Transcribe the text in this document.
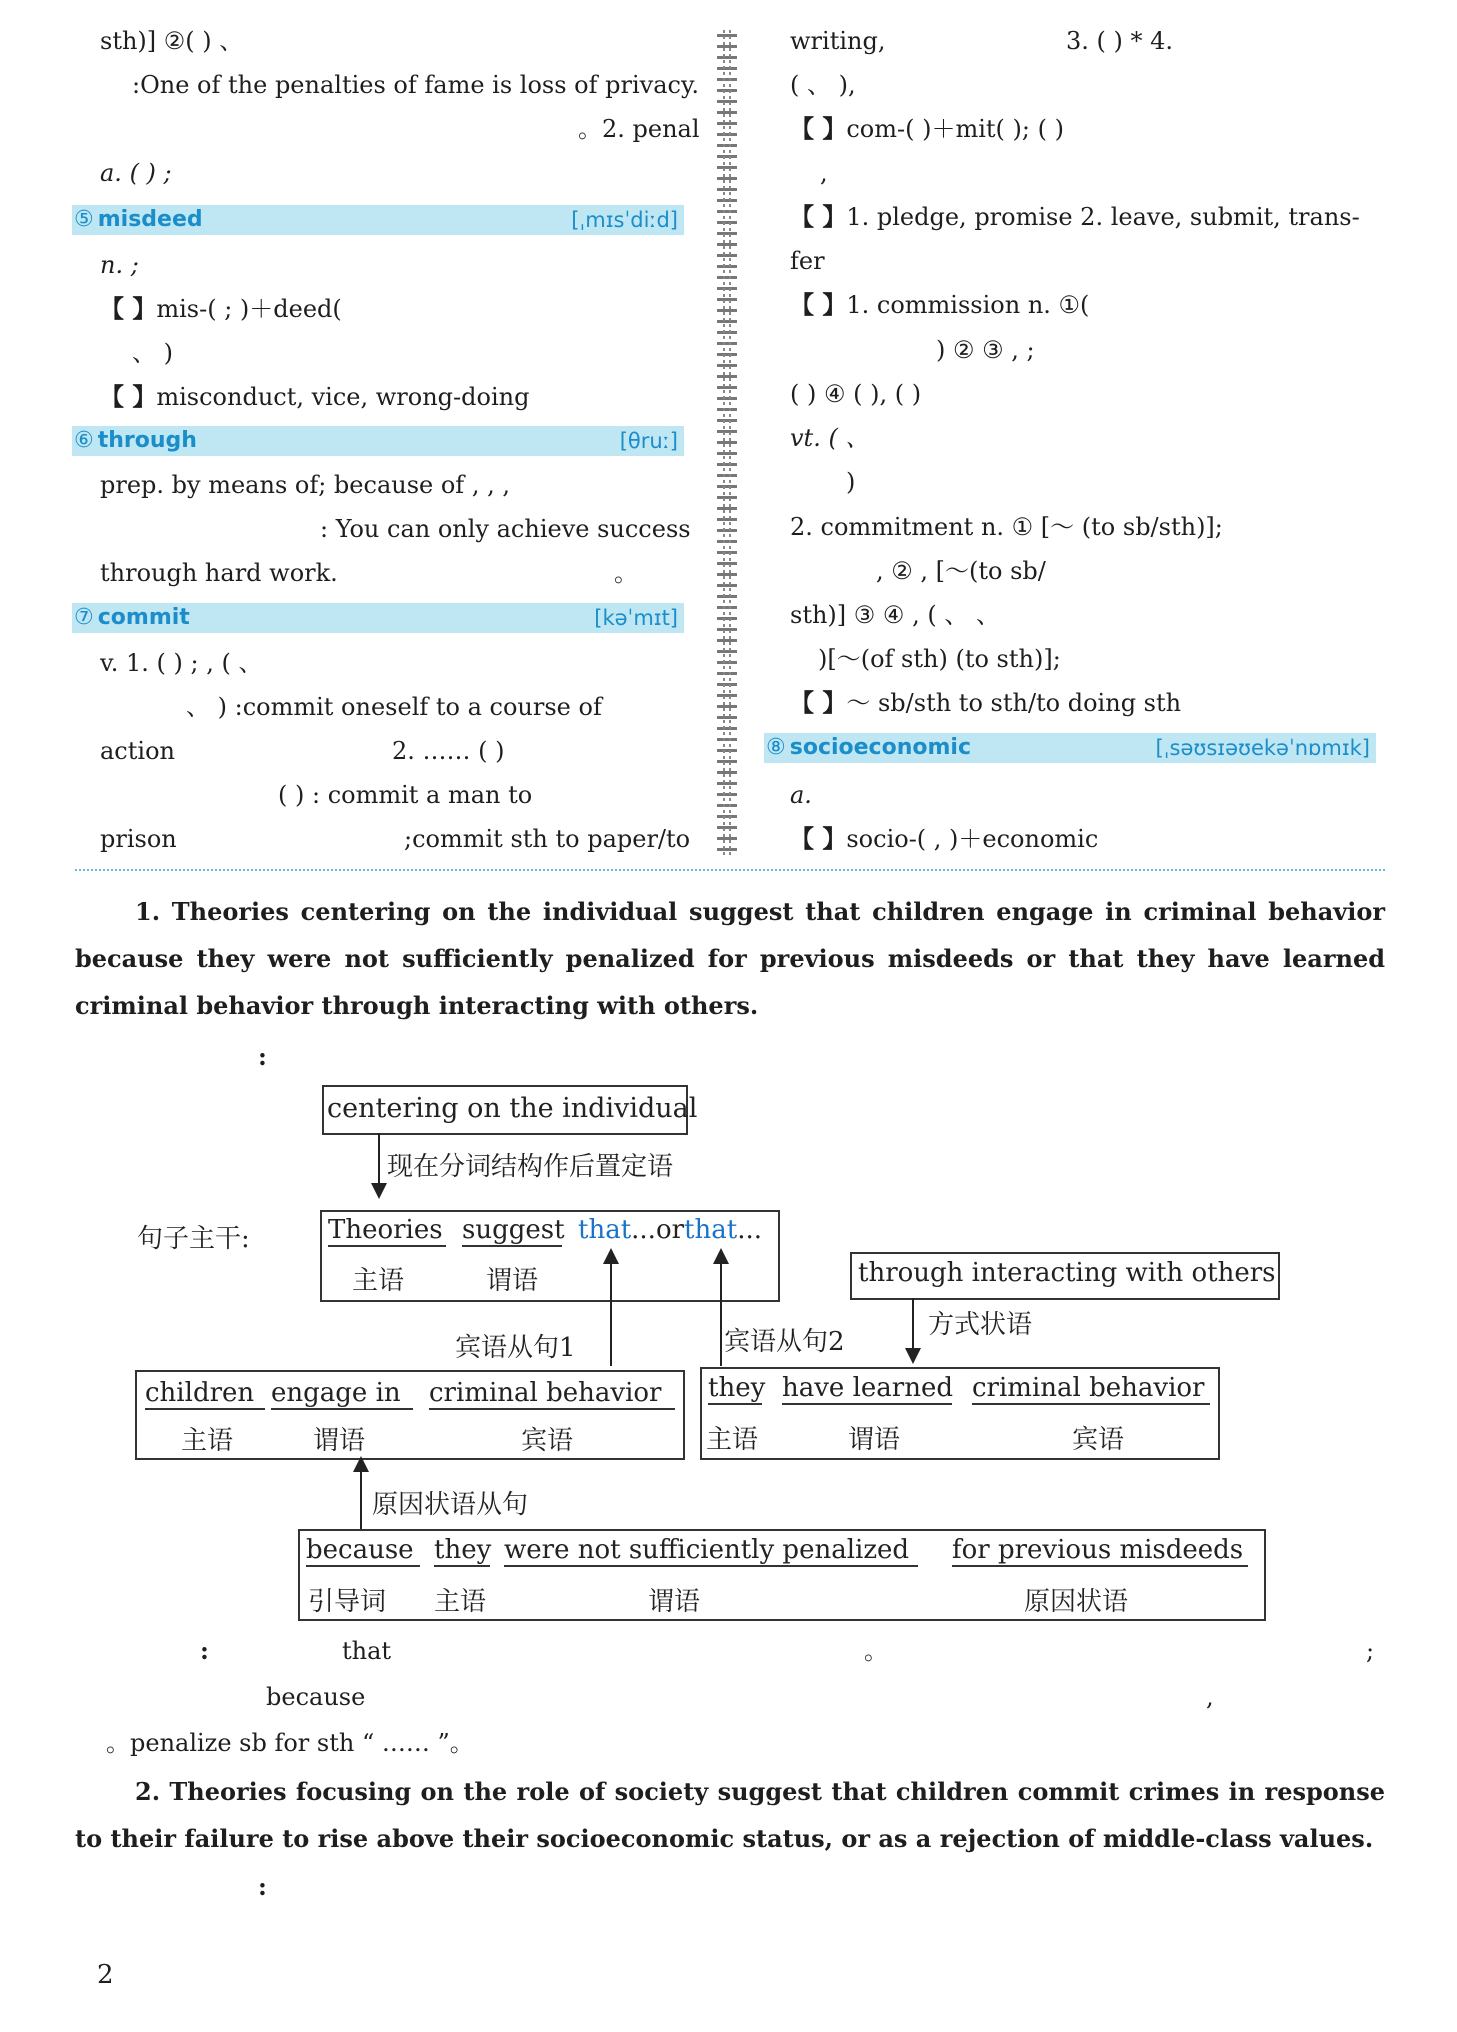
sth)] ②( ) 、
:One of the penalties of fame is loss of privacy.
。2. penal
a. ( ) ;
⑤ misdeed	[ˌmɪsˈdiːd]
n. ;
【 】mis-( ; )＋deed(
、 )
【 】misconduct, vice, wrong-doing
⑥ through	[θruː]
prep. by means of; because of , , ,
: You can only achieve success
through hard work.	。
⑦ commit	[kəˈmɪt]
v. 1. ( ) ; , ( 、
、 ) :commit oneself to a course of
action	2. …… ( )
( ) : commit a man to
prison	;commit sth to paper/to
writing,	3. ( ) * 4.
( 、 ),
【 】com-( )＋mit( ); ( )
,
【 】1. pledge, promise 2. leave, submit, trans-
fer
【 】1. commission n. ①(
) ② ③ , ;
( ) ④ ( ), ( )
vt. ( 、
)
2. commitment n. ① [～ (to sb/sth)];
, ② , [～(to sb/
sth)] ③ ④ , ( 、 、
)[～(of sth) (to sth)];
【 】～ sb/sth to sth/to doing sth
⑧ socioeconomic	[ˌsəʊsɪəʊekəˈnɒmɪk]
a.
【 】socio-( , )＋economic
1. Theories centering on the individual suggest that children engage in criminal behavior because they were not sufficiently penalized for previous misdeeds or that they have learned criminal behavior through interacting with others.
:
centering on the individual
现在分词结构作后置定语
句子主干:	Theories
主语
suggest
谓语
that...orthat...
宾语从句1	宾语从句2
through interacting with others
方式状语
children
主语
engage in
谓语
criminal behavior
宾语
they
主语
have learned
谓语
criminal behavior
宾语
原因状语从句
because
引导词
they
主语
were not sufficiently penalized
谓语
for previous misdeeds
原因状语
:	that	。	;
because	,
。penalize sb for sth “ …… ”。
2. Theories focusing on the role of society suggest that children commit crimes in response to their failure to rise above their socioeconomic status, or as a rejection of middle-class values.
:
2
